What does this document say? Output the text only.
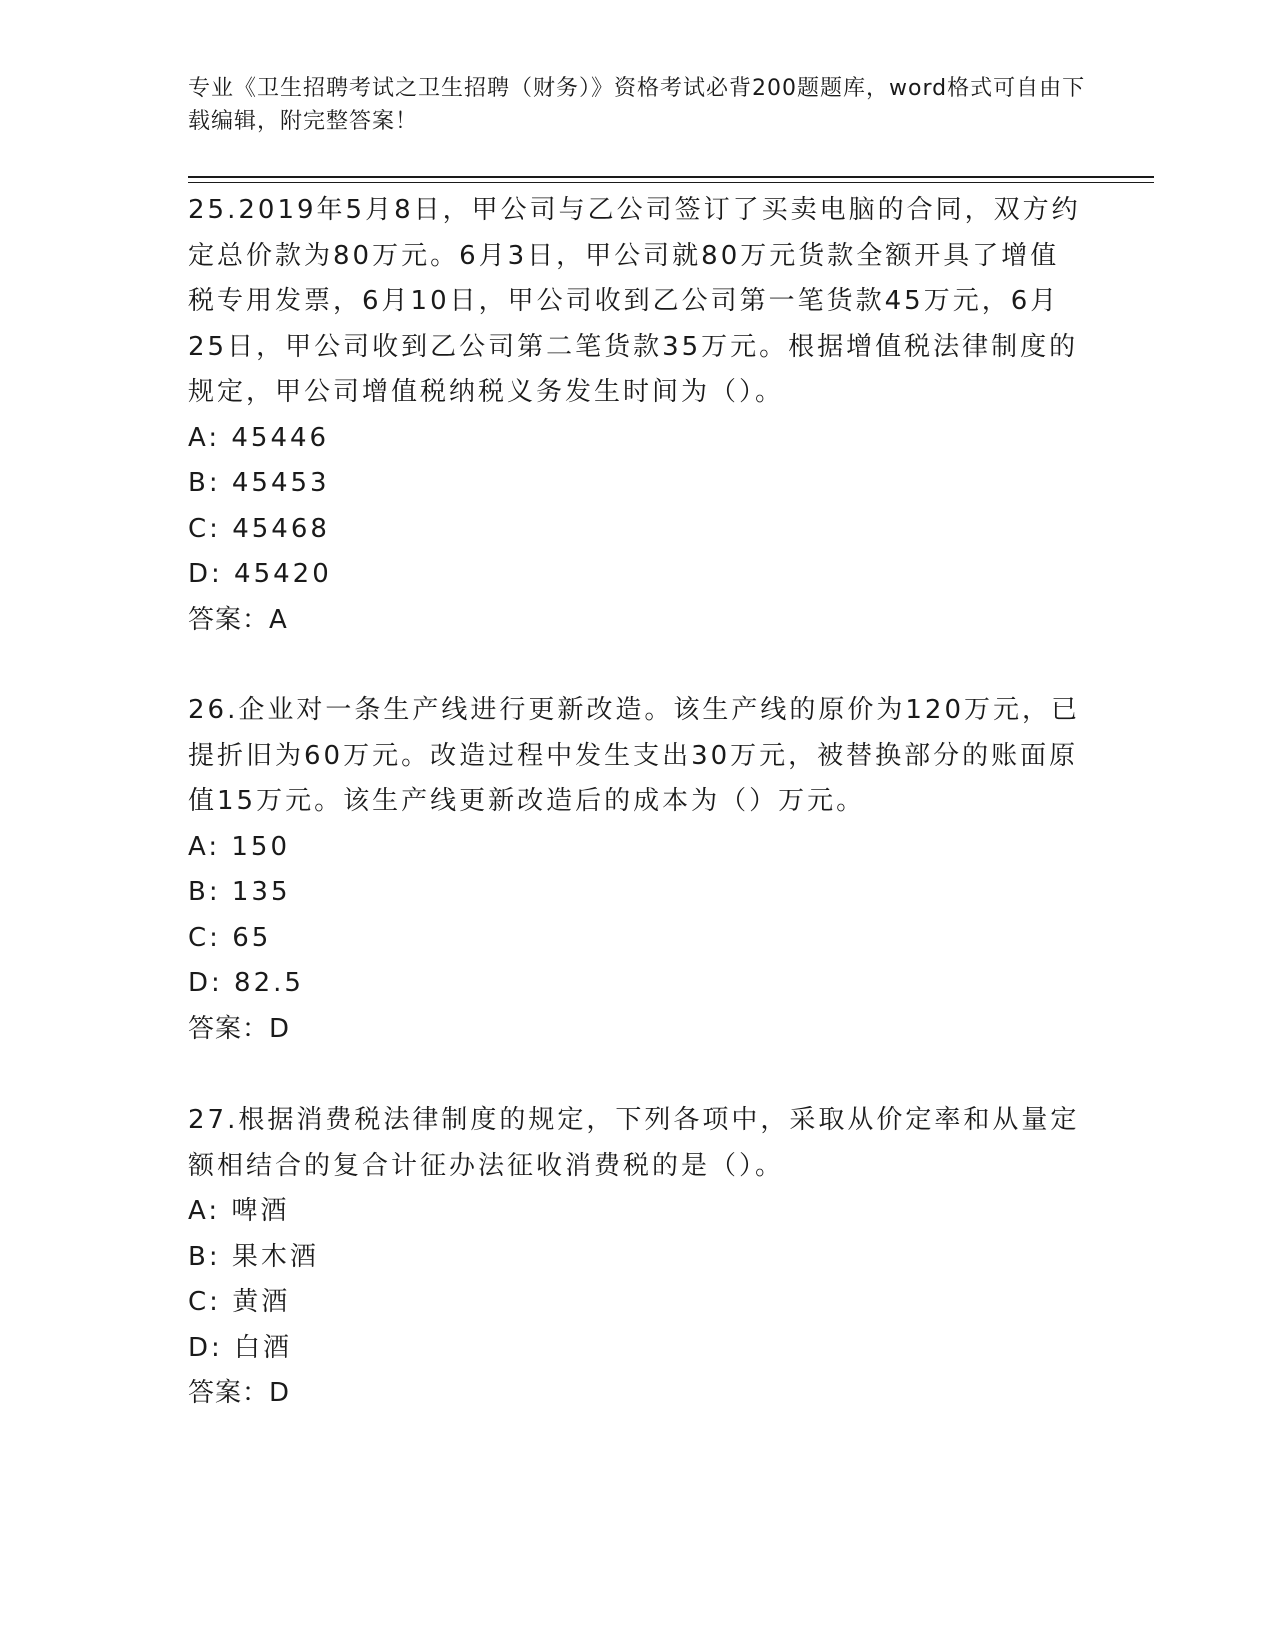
专业《卫生招聘考试之卫生招聘（财务）》资格考试必背200题题库，word格式可自由下载编辑，附完整答案！

25.2019年5月8日，甲公司与乙公司签订了买卖电脑的合同，双方约定总价款为80万元。6月3日，甲公司就80万元货款全额开具了增值税专用发票，6月10日，甲公司收到乙公司第一笔货款45万元，6月25日，甲公司收到乙公司第二笔货款35万元。根据增值税法律制度的规定，甲公司增值税纳税义务发生时间为（）。

A: 45446

B: 45453

C: 45468

D: 45420

答案：A

26.企业对一条生产线进行更新改造。该生产线的原价为120万元，已提折旧为60万元。改造过程中发生支出30万元，被替换部分的账面原值15万元。该生产线更新改造后的成本为（）万元。

A: 150

B: 135

C: 65

D: 82.5

答案：D

27.根据消费税法律制度的规定，下列各项中，采取从价定率和从量定额相结合的复合计征办法征收消费税的是（）。

A: 啤酒

B: 果木酒

C: 黄酒

D: 白酒

答案：D
